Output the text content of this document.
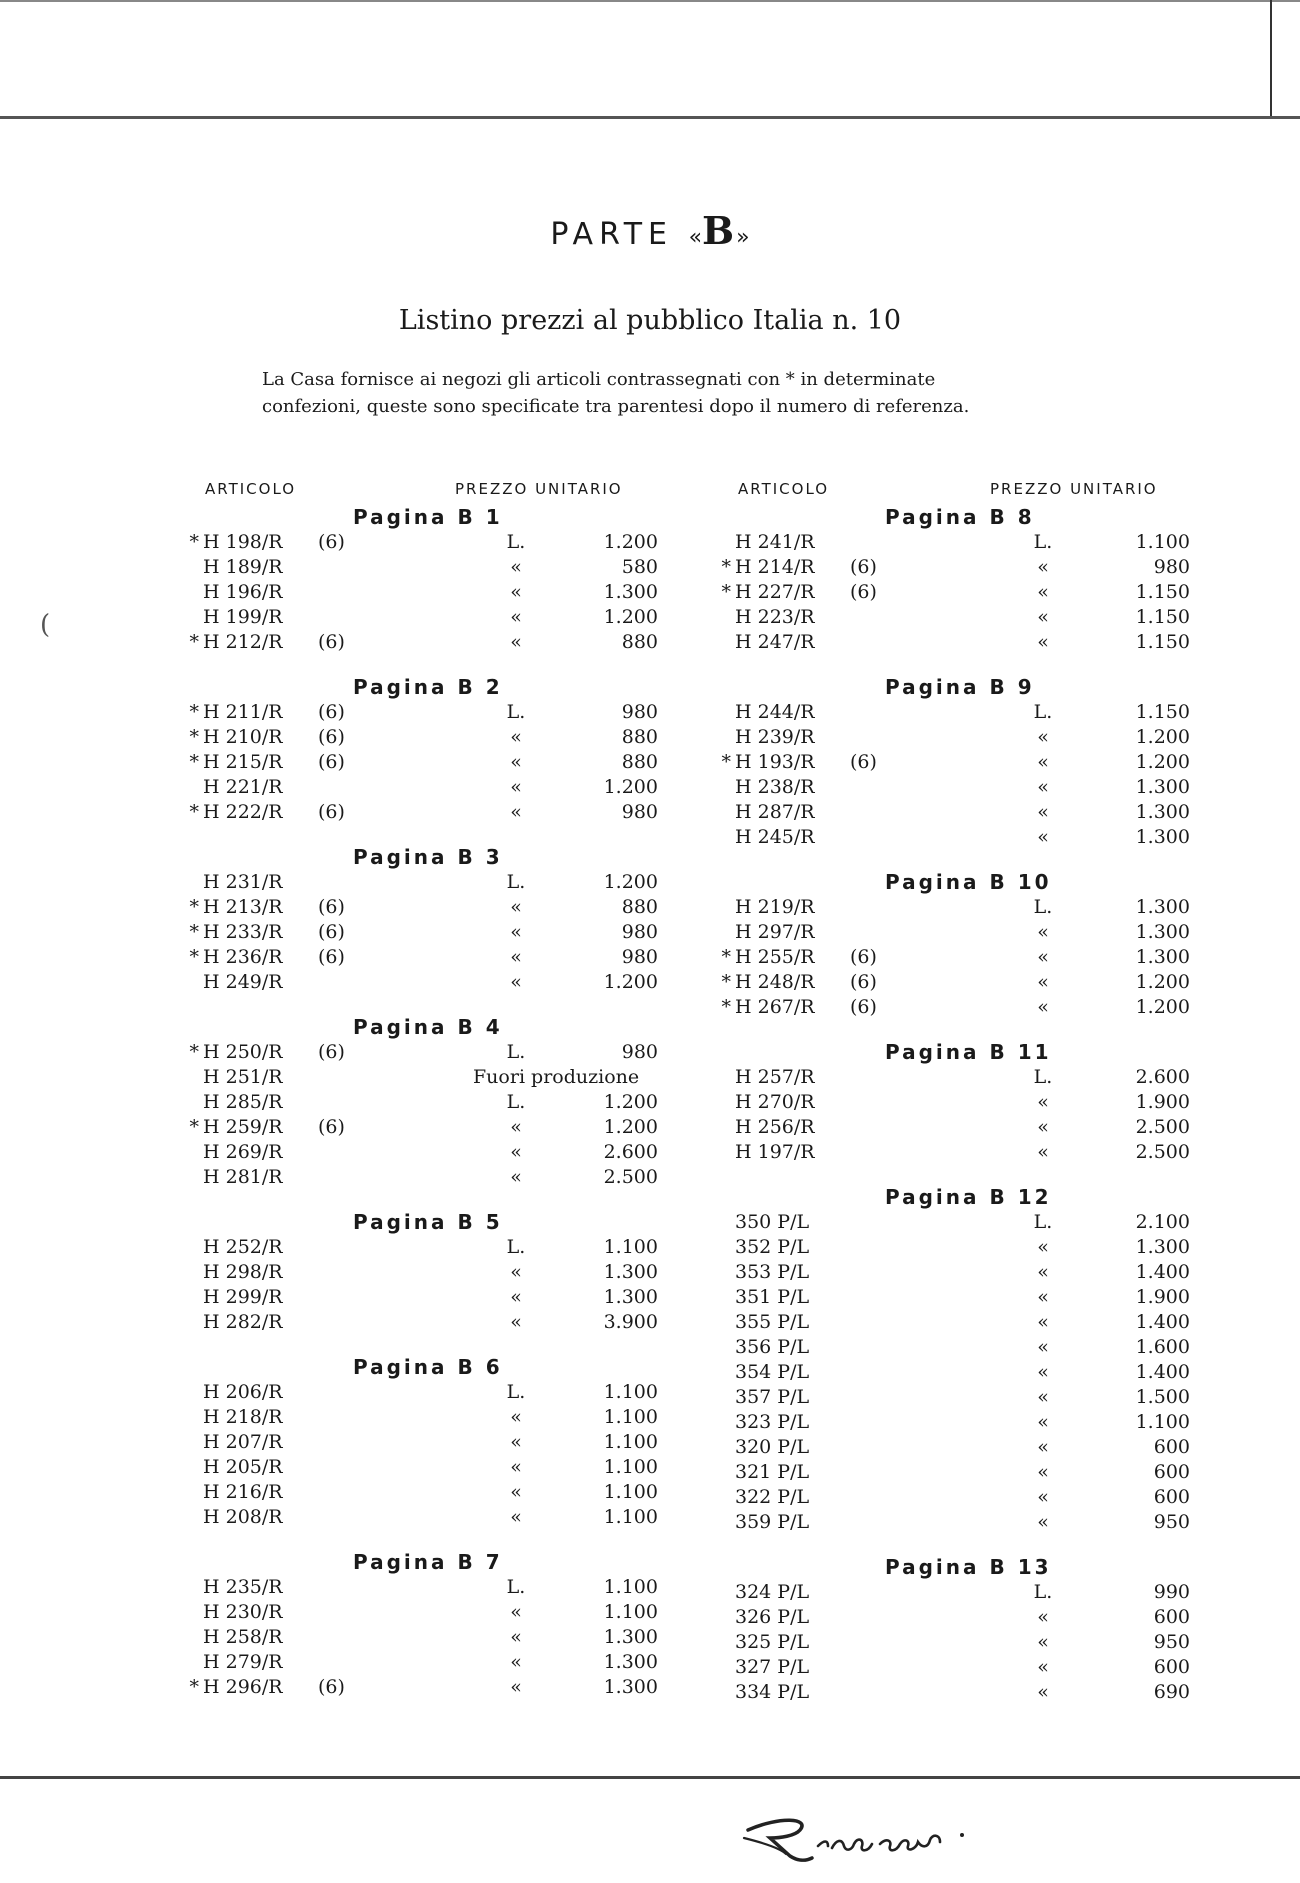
PARTE «B»
Listino prezzi al pubblico Italia n. 10
La Casa fornisce ai negozi gli articoli contrassegnati con * in determinate
confezioni, queste sono specificate tra parentesi dopo il numero di referenza.
ARTICOLO	PREZZO UNITARIO	ARTICOLO	PREZZO UNITARIO
Pagina B 1
* H 198/R (6)	L.	1.200
H 189/R	«	580
H 196/R	«	1.300
H 199/R	«	1.200
* H 212/R (6)	«	880
Pagina B 2
* H 211/R (6)	L.	980
* H 210/R (6)	«	880
* H 215/R (6)	«	880
H 221/R	«	1.200
* H 222/R (6)	«	980
Pagina B 3
H 231/R	L.	1.200
* H 213/R (6)	«	880
* H 233/R (6)	«	980
* H 236/R (6)	«	980
H 249/R	«	1.200
Pagina B 4
* H 250/R (6)	L.	980
H 251/R	Fuori produzione
H 285/R	L.	1.200
* H 259/R (6)	«	1.200
H 269/R	«	2.600
H 281/R	«	2.500
Pagina B 5
H 252/R	L.	1.100
H 298/R	«	1.300
H 299/R	«	1.300
H 282/R	«	3.900
Pagina B 6
H 206/R	L.	1.100
H 218/R	«	1.100
H 207/R	«	1.100
H 205/R	«	1.100
H 216/R	«	1.100
H 208/R	«	1.100
Pagina B 7
H 235/R	L.	1.100
H 230/R	«	1.100
H 258/R	«	1.300
H 279/R	«	1.300
* H 296/R (6)	«	1.300
Pagina B 8
H 241/R	L.	1.100
* H 214/R (6)	«	980
* H 227/R (6)	«	1.150
H 223/R	«	1.150
H 247/R	«	1.150
Pagina B 9
H 244/R	L.	1.150
H 239/R	«	1.200
* H 193/R (6)	«	1.200
H 238/R	«	1.300
H 287/R	«	1.300
H 245/R	«	1.300
Pagina B 10
H 219/R	L.	1.300
H 297/R	«	1.300
* H 255/R (6)	«	1.300
* H 248/R (6)	«	1.200
* H 267/R (6)	«	1.200
Pagina B 11
H 257/R	L.	2.600
H 270/R	«	1.900
H 256/R	«	2.500
H 197/R	«	2.500
Pagina B 12
350 P/L	L.	2.100
352 P/L	«	1.300
353 P/L	«	1.400
351 P/L	«	1.900
355 P/L	«	1.400
356 P/L	«	1.600
354 P/L	«	1.400
357 P/L	«	1.500
323 P/L	«	1.100
320 P/L	«	600
321 P/L	«	600
322 P/L	«	600
359 P/L	«	950
Pagina B 13
324 P/L	L.	990
326 P/L	«	600
325 P/L	«	950
327 P/L	«	600
334 P/L	«	690
(
